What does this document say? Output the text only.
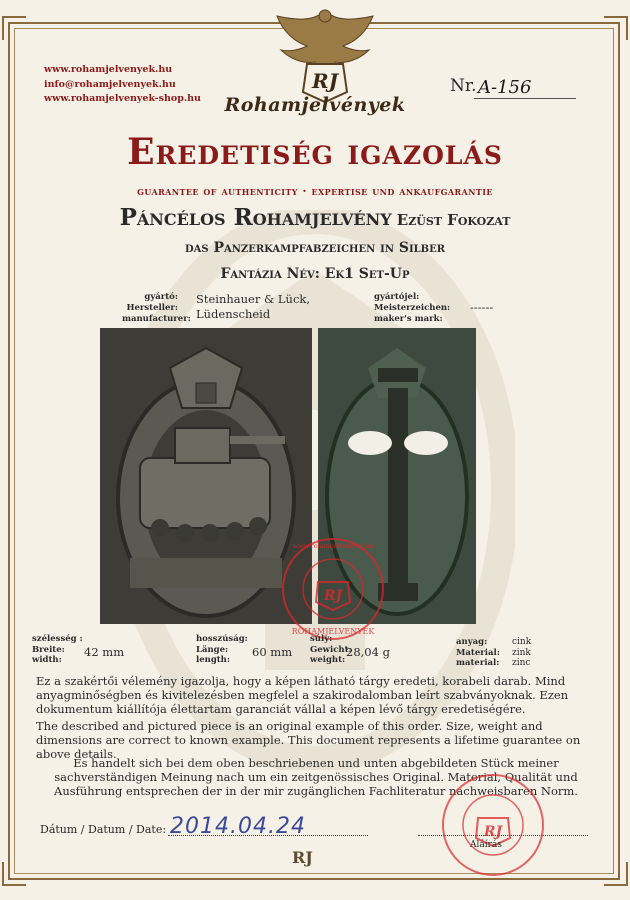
www.rohamjelvenyek.hu
info@rohamjelvenyek.hu
www.rohamjelvenyek-shop.hu
RJ
Rohamjelvények
Nr. A-156
Eredetiség igazolás
guarantee of authenticity · expertise und ankaufgarantie
Páncélos Rohamjelvény Ezüst Fokozat
das Panzerkampfabzeichen in Silber
Fantázia Név: Ek1 Set-Up
gyártó:
Hersteller:
manufacturer:
Steinhauer & Lück,
Lüdenscheid
gyártójel:
Meisterzeichen:
maker's mark:
------
RJ
ROHAMJELVÉNYEK
www.rohamjelvenyek.hu
szélesség :
Breite:
width:
42 mm
hosszúság:
Länge:
length:
60 mm
súly:
Gewicht:
weight:
28,04 g
anyag:
Material:
material:
cink
zink
zinc
Ez a szakértői vélemény igazolja, hogy a képen látható tárgy eredeti, korabeli darab. Mind anyagminőségben és kivitelezésben megfelel a szakirodalomban leírt szabványoknak. Ezen dokumentum kiállítója élettartam garanciát vállal a képen lévő tárgy eredetiségére.
The described and pictured piece is an original example of this order. Size, weight and dimensions are correct to known example. This document represents a lifetime guarantee on above details.
Es handelt sich bei dem oben beschriebenen und unten abgebildeten Stück meiner sachverständigen Meinung nach um ein zeitgenössisches Original. Material, Qualität und Ausführung entsprechen der in der mir zugänglichen Fachliteratur nachweisbaren Norm.
RJ
Dátum / Datum / Date: 2014.04.24
Aláírás
RJ
